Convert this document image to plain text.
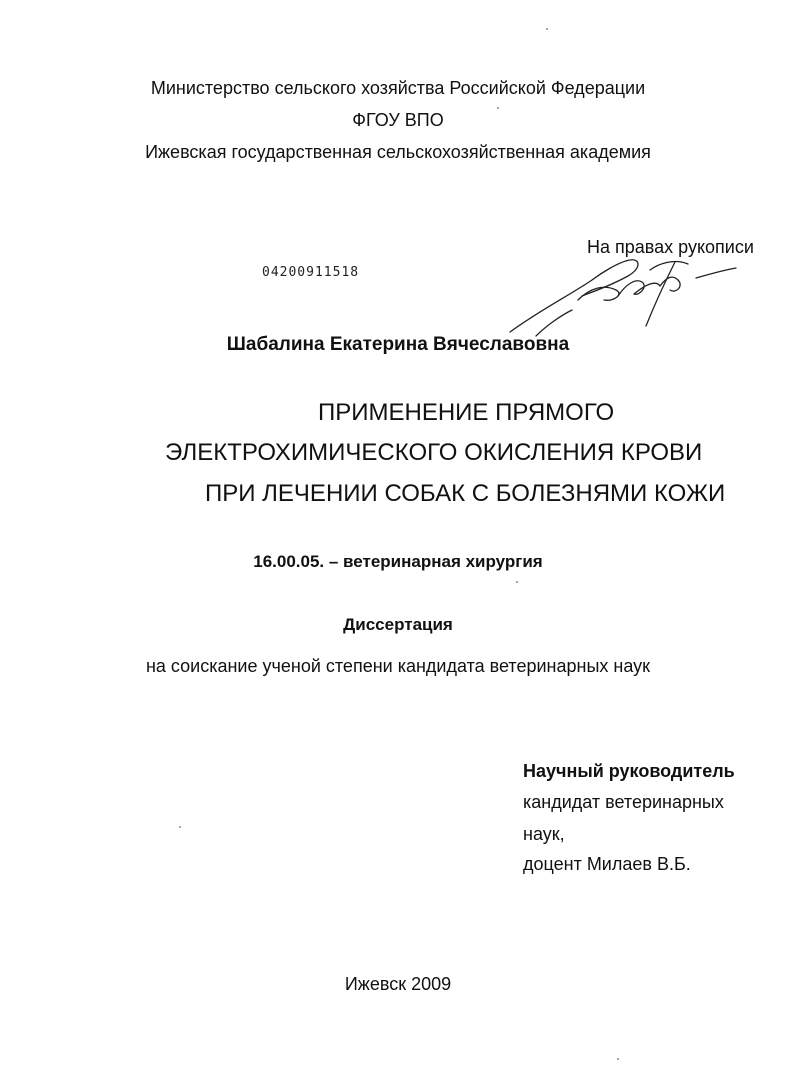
Министерство сельского хозяйства Российской Федерации
ФГОУ ВПО
Ижевская государственная сельскохозяйственная академия
На правах рукописи
04200911518
Шабалина Екатерина Вячеславовна
ПРИМЕНЕНИЕ ПРЯМОГО
ЭЛЕКТРОХИМИЧЕСКОГО ОКИСЛЕНИЯ КРОВИ
ПРИ ЛЕЧЕНИИ СОБАК С БОЛЕЗНЯМИ КОЖИ
16.00.05. – ветеринарная хирургия
Диссертация
на соискание ученой степени кандидата ветеринарных наук
Научный руководитель
кандидат ветеринарных
наук,
доцент Милаев В.Б.
Ижевск 2009
